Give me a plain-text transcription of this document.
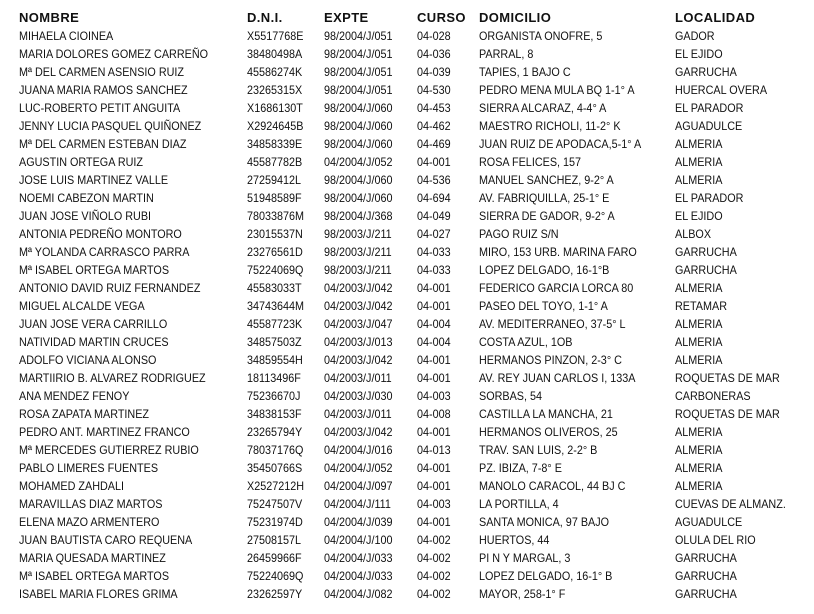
NOMBRE	D.N.I.	EXPTE	CURSO	DOMICILIO	LOCALIDAD
MIHAELA CIOINEA	X5517768E	98/2004/J/051	04-028	ORGANISTA ONOFRE, 5	GADOR
MARIA DOLORES GOMEZ CARREÑO	38480498A	98/2004/J/051	04-036	PARRAL, 8	EL EJIDO
Mª DEL CARMEN ASENSIO RUIZ	45586274K	98/2004/J/051	04-039	TAPIES, 1 BAJO C	GARRUCHA
JUANA MARIA RAMOS SANCHEZ	23265315X	98/2004/J/051	04-530	PEDRO MENA MULA BQ 1-1° A	HUERCAL OVERA
LUC-ROBERTO PETIT ANGUITA	X1686130T	98/2004/J/060	04-453	SIERRA ALCARAZ, 4-4° A	EL PARADOR
JENNY LUCIA PASQUEL QUIÑONEZ	X2924645B	98/2004/J/060	04-462	MAESTRO RICHOLI, 11-2° K	AGUADULCE
Mª DEL CARMEN ESTEBAN DIAZ	34858339E	98/2004/J/060	04-469	JUAN RUIZ DE APODACA,5-1° A	ALMERIA
AGUSTIN ORTEGA RUIZ	45587782B	04/2004/J/052	04-001	ROSA FELICES, 157	ALMERIA
JOSE LUIS MARTINEZ VALLE	27259412L	98/2004/J/060	04-536	MANUEL SANCHEZ, 9-2° A	ALMERIA
NOEMI CABEZON MARTIN	51948589F	98/2004/J/060	04-694	AV. FABRIQUILLA, 25-1° E	EL PARADOR
JUAN JOSE VIÑOLO RUBI	78033876M	98/2004/J/368	04-049	SIERRA DE GADOR, 9-2° A	EL EJIDO
ANTONIA PEDREÑO MONTORO	23015537N	98/2003/J/211	04-027	PAGO RUIZ S/N	ALBOX
Mª YOLANDA CARRASCO PARRA	23276561D	98/2003/J/211	04-033	MIRO, 153 URB. MARINA FARO	GARRUCHA
Mª ISABEL ORTEGA MARTOS	75224069Q	98/2003/J/211	04-033	LOPEZ DELGADO, 16-1°B	GARRUCHA
ANTONIO DAVID RUIZ FERNANDEZ	45583033T	04/2003/J/042	04-001	FEDERICO GARCIA LORCA 80	ALMERIA
MIGUEL ALCALDE VEGA	34743644M	04/2003/J/042	04-001	PASEO DEL TOYO, 1-1° A	RETAMAR
JUAN JOSE VERA CARRILLO	45587723K	04/2003/J/047	04-004	AV. MEDITERRANEO, 37-5° L	ALMERIA
NATIVIDAD MARTIN CRUCES	34857503Z	04/2003/J/013	04-004	COSTA AZUL, 1OB	ALMERIA
ADOLFO VICIANA ALONSO	34859554H	04/2003/J/042	04-001	HERMANOS PINZON, 2-3° C	ALMERIA
MARTIIRIO B. ALVAREZ RODRIGUEZ	18113496F	04/2003/J/011	04-001	AV. REY JUAN CARLOS I, 133A	ROQUETAS DE MAR
ANA MENDEZ FENOY	75236670J	04/2003/J/030	04-003	SORBAS, 54	CARBONERAS
ROSA ZAPATA MARTINEZ	34838153F	04/2003/J/011	04-008	CASTILLA LA MANCHA, 21	ROQUETAS DE MAR
PEDRO ANT. MARTINEZ FRANCO	23265794Y	04/2003/J/042	04-001	HERMANOS OLIVEROS, 25	ALMERIA
Mª MERCEDES GUTIERREZ RUBIO	78037176Q	04/2004/J/016	04-013	TRAV. SAN LUIS, 2-2° B	ALMERIA
PABLO LIMERES FUENTES	35450766S	04/2004/J/052	04-001	PZ. IBIZA, 7-8° E	ALMERIA
MOHAMED ZAHDALI	X2527212H	04/2004/J/097	04-001	MANOLO CARACOL, 44 BJ C	ALMERIA
MARAVILLAS DIAZ MARTOS	75247507V	04/2004/J/111	04-003	LA PORTILLA, 4	CUEVAS DE ALMANZ.
ELENA MAZO ARMENTERO	75231974D	04/2004/J/039	04-001	SANTA MONICA, 97 BAJO	AGUADULCE
JUAN BAUTISTA CARO REQUENA	27508157L	04/2004/J/100	04-002	HUERTOS, 44	OLULA DEL RIO
MARIA QUESADA MARTINEZ	26459966F	04/2004/J/033	04-002	PI N Y MARGAL, 3	GARRUCHA
Mª ISABEL ORTEGA MARTOS	75224069Q	04/2004/J/033	04-002	LOPEZ DELGADO, 16-1° B	GARRUCHA
ISABEL MARIA FLORES GRIMA	23262597Y	04/2004/J/082	04-002	MAYOR, 258-1° F	GARRUCHA
